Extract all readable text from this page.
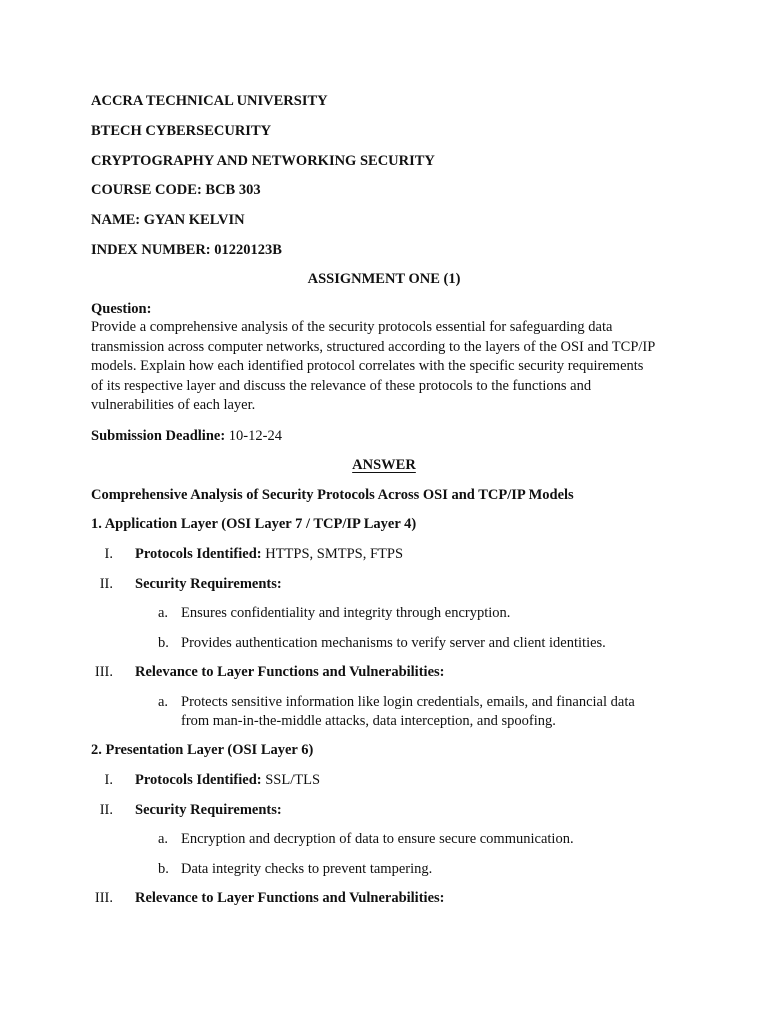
ACCRA TECHNICAL UNIVERSITY
BTECH CYBERSECURITY
CRYPTOGRAPHY AND NETWORKING SECURITY
COURSE CODE: BCB 303
NAME: GYAN KELVIN
INDEX NUMBER: 01220123B
ASSIGNMENT ONE (1)
Question:
Provide a comprehensive analysis of the security protocols essential for safeguarding data
transmission across computer networks, structured according to the layers of the OSI and TCP/IP
models. Explain how each identified protocol correlates with the specific security requirements
of its respective layer and discuss the relevance of these protocols to the functions and
vulnerabilities of each layer.
Submission Deadline: 10-12-24
ANSWER
Comprehensive Analysis of Security Protocols Across OSI and TCP/IP Models
1. Application Layer (OSI Layer 7 / TCP/IP Layer 4)
I. Protocols Identified: HTTPS, SMTPS, FTPS
II. Security Requirements:
a. Ensures confidentiality and integrity through encryption.
b. Provides authentication mechanisms to verify server and client identities.
III. Relevance to Layer Functions and Vulnerabilities:
a. Protects sensitive information like login credentials, emails, and financial data
from man-in-the-middle attacks, data interception, and spoofing.
2. Presentation Layer (OSI Layer 6)
I. Protocols Identified: SSL/TLS
II. Security Requirements:
a. Encryption and decryption of data to ensure secure communication.
b. Data integrity checks to prevent tampering.
III. Relevance to Layer Functions and Vulnerabilities:
